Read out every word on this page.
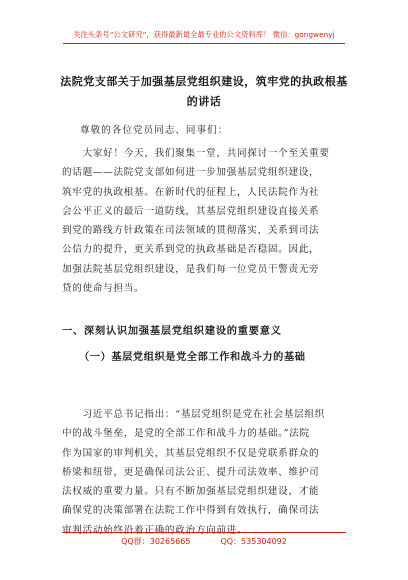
关注头条号“公文研究”，获得最新最全最专业的公文资料库！ 微信：gongwenyj
法院党支部关于加强基层党组织建设，筑牢党的执政根基
的讲话
尊敬的各位党员同志、同事们：
　　大家好！今天，我们聚集一堂，共同探讨一个至关重要
的话题——法院党支部如何进一步加强基层党组织建设，
筑牢党的执政根基。在新时代的征程上，人民法院作为社
会公平正义的最后一道防线，其基层党组织建设直接关系
到党的路线方针政策在司法领域的贯彻落实，关系到司法
公信力的提升，更关系到党的执政基础是否稳固。因此，
加强法院基层党组织建设，是我们每一位党员干警责无旁
贷的使命与担当。
一、深刻认识加强基层党组织建设的重要意义
（一）基层党组织是党全部工作和战斗力的基础
　　习近平总书记指出：“基层党组织是党在社会基层组织
中的战斗堡垒，是党的全部工作和战斗力的基础。”法院
作为国家的审判机关，其基层党组织不仅是党联系群众的
桥梁和纽带，更是确保司法公正、提升司法效率、维护司
法权威的重要力量。只有不断加强基层党组织建设，才能
确保党的决策部署在法院工作中得到有效执行，确保司法
审判活动始终沿着正确的政治方向前进。
QQ群：30265665	QQ：535304092
